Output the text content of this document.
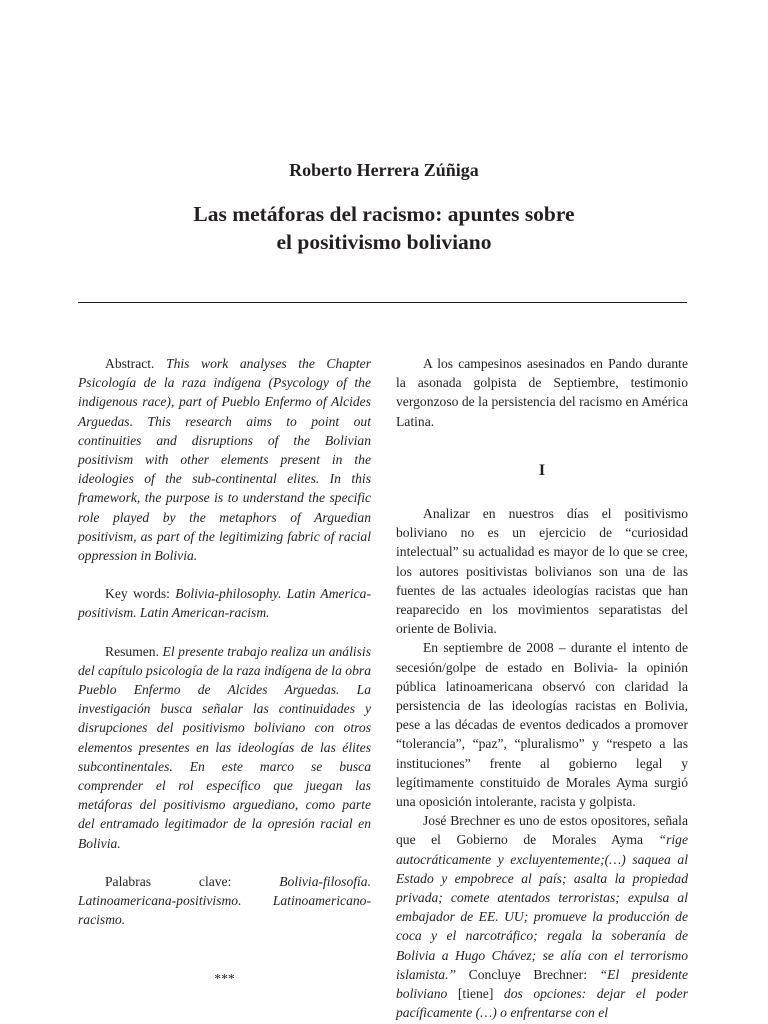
Roberto Herrera Zúñiga
Las metáforas del racismo: apuntes sobre
el positivismo boliviano

Abstract. This work analyses the Chapter Psicología de la raza indígena (Psycology of the indigenous race), part of Pueblo Enfermo of Alcides Arguedas. This research aims to point out continuities and disruptions of the Bolivian positivism with other elements present in the ideologies of the sub-continental elites. In this framework, the purpose is to understand the specific role played by the metaphors of Arguedian positivism, as part of the legitimizing fabric of racial oppression in Bolivia.

Key words: Bolivia-philosophy. Latin America-positivism. Latin American-racism.

Resumen. El presente trabajo realiza un análisis del capítulo psicología de la raza indígena de la obra Pueblo Enfermo de Alcides Arguedas. La investigación busca señalar las continuidades y disrupciones del positivismo boliviano con otros elementos presentes en las ideologías de las élites subcontinentales. En este marco se busca comprender el rol específico que juegan las metáforas del positivismo arguediano, como parte del entramado legitimador de la opresión racial en Bolivia.

Palabras clave: Bolivia-filosofía. Latinoamericana-positivismo. Latinoamericano-racismo.

***

A los campesinos asesinados en Pando durante la asonada golpista de Septiembre, testimonio vergonzoso de la persistencia del racismo en América Latina.

I

Analizar en nuestros días el positivismo boliviano no es un ejercicio de “curiosidad intelectual” su actualidad es mayor de lo que se cree, los autores positivistas bolivianos son una de las fuentes de las actuales ideologías racistas que han reaparecido en los movimientos separatistas del oriente de Bolivia.

En septiembre de 2008 – durante el intento de secesión/golpe de estado en Bolivia- la opinión pública latinoamericana observó con claridad la persistencia de las ideologías racistas en Bolivia, pese a las décadas de eventos dedicados a promover “tolerancia”, “paz”, “pluralismo” y “respeto a las instituciones” frente al gobierno legal y legítimamente constituido de Morales Ayma surgió una oposición intolerante, racista y golpista.

José Brechner es uno de estos opositores, señala que el Gobierno de Morales Ayma “rige autocráticamente y excluyentemente;(…) saquea al Estado y empobrece al país; asalta la propiedad privada; comete atentados terroristas; expulsa al embajador de EE. UU; promueve la producción de coca y el narcotráfico; regala la soberanía de Bolivia a Hugo Chávez; se alía con el terrorismo islamista.” Concluye Brechner: “El presidente boliviano [tiene] dos opciones: dejar el poder pacíficamente (…) o enfrentarse con el
